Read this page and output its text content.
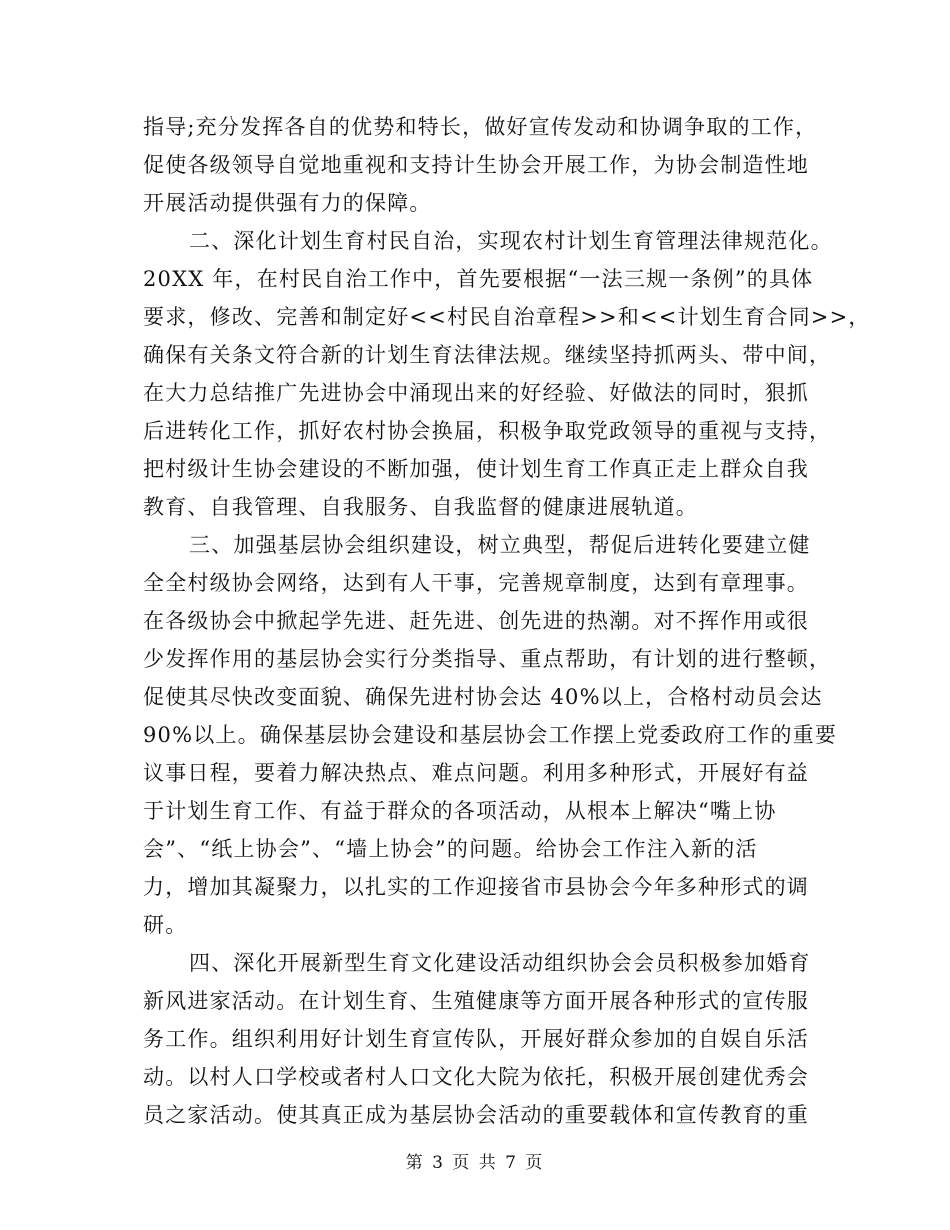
指导;充分发挥各自的优势和特长，做好宣传发动和协调争取的工作，
促使各级领导自觉地重视和支持计生协会开展工作，为协会制造性地
开展活动提供强有力的保障。
二、深化计划生育村民自治，实现农村计划生育管理法律规范化。
20XX 年，在村民自治工作中，首先要根据“一法三规一条例”的具体
要求，修改、完善和制定好<<村民自治章程>>和<<计划生育合同>>，
确保有关条文符合新的计划生育法律法规。继续坚持抓两头、带中间，
在大力总结推广先进协会中涌现出来的好经验、好做法的同时，狠抓
后进转化工作，抓好农村协会换届，积极争取党政领导的重视与支持，
把村级计生协会建设的不断加强，使计划生育工作真正走上群众自我
教育、自我管理、自我服务、自我监督的健康进展轨道。
三、加强基层协会组织建设，树立典型，帮促后进转化要建立健
全全村级协会网络，达到有人干事，完善规章制度，达到有章理事。
在各级协会中掀起学先进、赶先进、创先进的热潮。对不挥作用或很
少发挥作用的基层协会实行分类指导、重点帮助，有计划的进行整顿，
促使其尽快改变面貌、确保先进村协会达 40%以上，合格村动员会达
90%以上。确保基层协会建设和基层协会工作摆上党委政府工作的重要
议事日程，要着力解决热点、难点问题。利用多种形式，开展好有益
于计划生育工作、有益于群众的各项活动，从根本上解决“嘴上协
会”、“纸上协会”、“墙上协会”的问题。给协会工作注入新的活
力，增加其凝聚力，以扎实的工作迎接省市县协会今年多种形式的调
研。
四、深化开展新型生育文化建设活动组织协会会员积极参加婚育
新风进家活动。在计划生育、生殖健康等方面开展各种形式的宣传服
务工作。组织利用好计划生育宣传队，开展好群众参加的自娱自乐活
动。以村人口学校或者村人口文化大院为依托，积极开展创建优秀会
员之家活动。使其真正成为基层协会活动的重要载体和宣传教育的重
第 3 页 共 7 页
